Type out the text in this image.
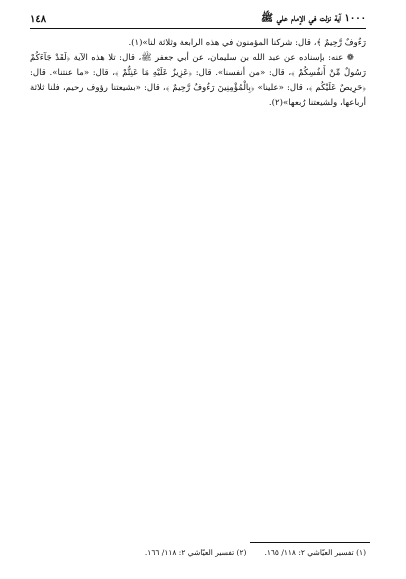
١٠٠٠ آية نزلت في الإمام علي ﷺ
١٤٨

رَءُوفٌ رَّحِيمٌ ﴾، قال: شركنا المؤمنون في هذه الرابعة وثلاثة لنا»(١).

❁ عنه: بإسناده عن عبد الله بن سليمان، عن أبي جعفر ﷺ، قال: تلا هذه الآية ﴿لَقَدْ جَآءَكُمْ رَسُولٌ مِّنْ أَنفُسِكُمْ ﴾، قال: «من أنفسنا». قال: ﴿عَزِيزٌ عَلَيْهِ مَا عَنِتُّمْ ﴾، قال: «ما عنتنا». قال: ﴿حَرِيصٌ عَلَيْكُم ﴾، قال: «علينا» ﴿بِالْمُؤْمِنِينَ رَءُوفٌ رَّحِيمٌ ﴾، قال: «بشيعتنا رؤوف رحيم، فلنا ثلاثة أرباعها، ولشيعتنا رُبعها»(٢).

(١) تفسير العيّاشي ٢: ١١٨/ ١٦٥.
(٢) تفسير العيّاشي ٢: ١١٨/ ١٦٦.
